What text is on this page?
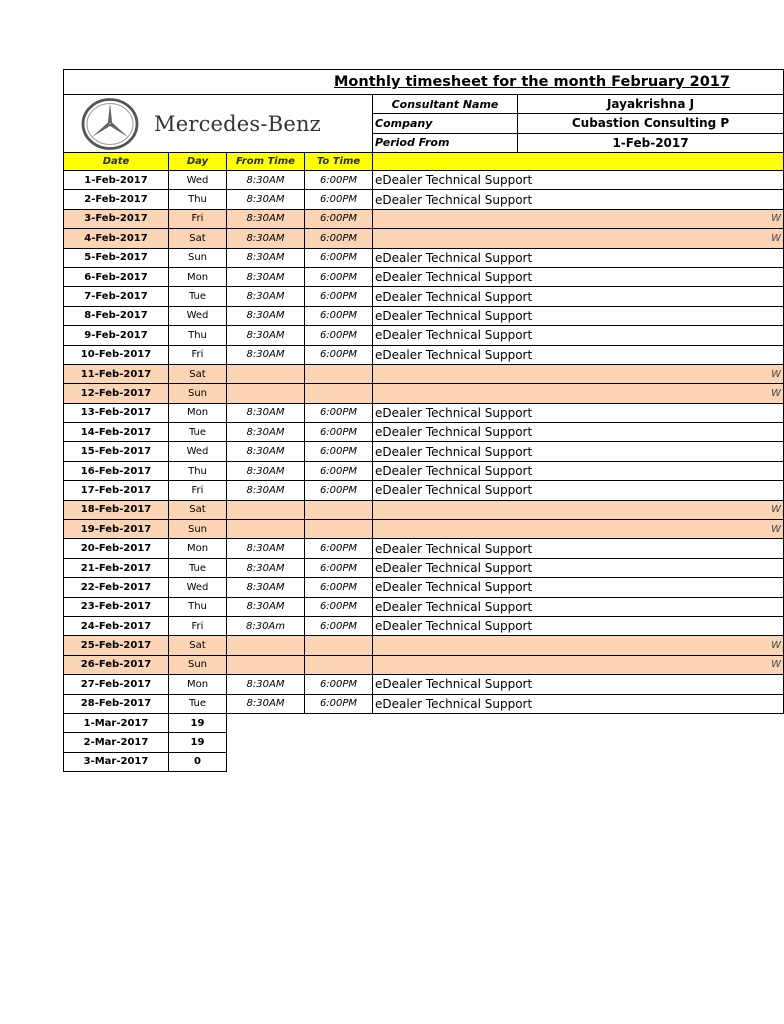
Monthly timesheet for the month February 2017					

Mercedes-Benz				Consultant Name	Jayakrishna J
				Company	Cubastion Consulting P
				Period From	1-Feb-2017
Date	Day	From Time	To Time		
1-Feb-2017	Wed	8:30AM	6:00PM	eDealer Technical Support	
2-Feb-2017	Thu	8:30AM	6:00PM	eDealer Technical Support	
3-Feb-2017	Fri	8:30AM	6:00PM	W	
4-Feb-2017	Sat	8:30AM	6:00PM	W	
5-Feb-2017	Sun	8:30AM	6:00PM	eDealer Technical Support	
6-Feb-2017	Mon	8:30AM	6:00PM	eDealer Technical Support	
7-Feb-2017	Tue	8:30AM	6:00PM	eDealer Technical Support	
8-Feb-2017	Wed	8:30AM	6:00PM	eDealer Technical Support	
9-Feb-2017	Thu	8:30AM	6:00PM	eDealer Technical Support	
10-Feb-2017	Fri	8:30AM	6:00PM	eDealer Technical Support	
11-Feb-2017	Sat			W	
12-Feb-2017	Sun			W	
13-Feb-2017	Mon	8:30AM	6:00PM	eDealer Technical Support	
14-Feb-2017	Tue	8:30AM	6:00PM	eDealer Technical Support	
15-Feb-2017	Wed	8:30AM	6:00PM	eDealer Technical Support	
16-Feb-2017	Thu	8:30AM	6:00PM	eDealer Technical Support	
17-Feb-2017	Fri	8:30AM	6:00PM	eDealer Technical Support	
18-Feb-2017	Sat			W	
19-Feb-2017	Sun			W	
20-Feb-2017	Mon	8:30AM	6:00PM	eDealer Technical Support	
21-Feb-2017	Tue	8:30AM	6:00PM	eDealer Technical Support	
22-Feb-2017	Wed	8:30AM	6:00PM	eDealer Technical Support	
23-Feb-2017	Thu	8:30AM	6:00PM	eDealer Technical Support	
24-Feb-2017	Fri	8:30Am	6:00PM	eDealer Technical Support	
25-Feb-2017	Sat			W	
26-Feb-2017	Sun			W	
27-Feb-2017	Mon	8:30AM	6:00PM	eDealer Technical Support	
28-Feb-2017	Tue	8:30AM	6:00PM	eDealer Technical Support	
1-Mar-2017	19				
2-Mar-2017	19				
3-Mar-2017	0				
